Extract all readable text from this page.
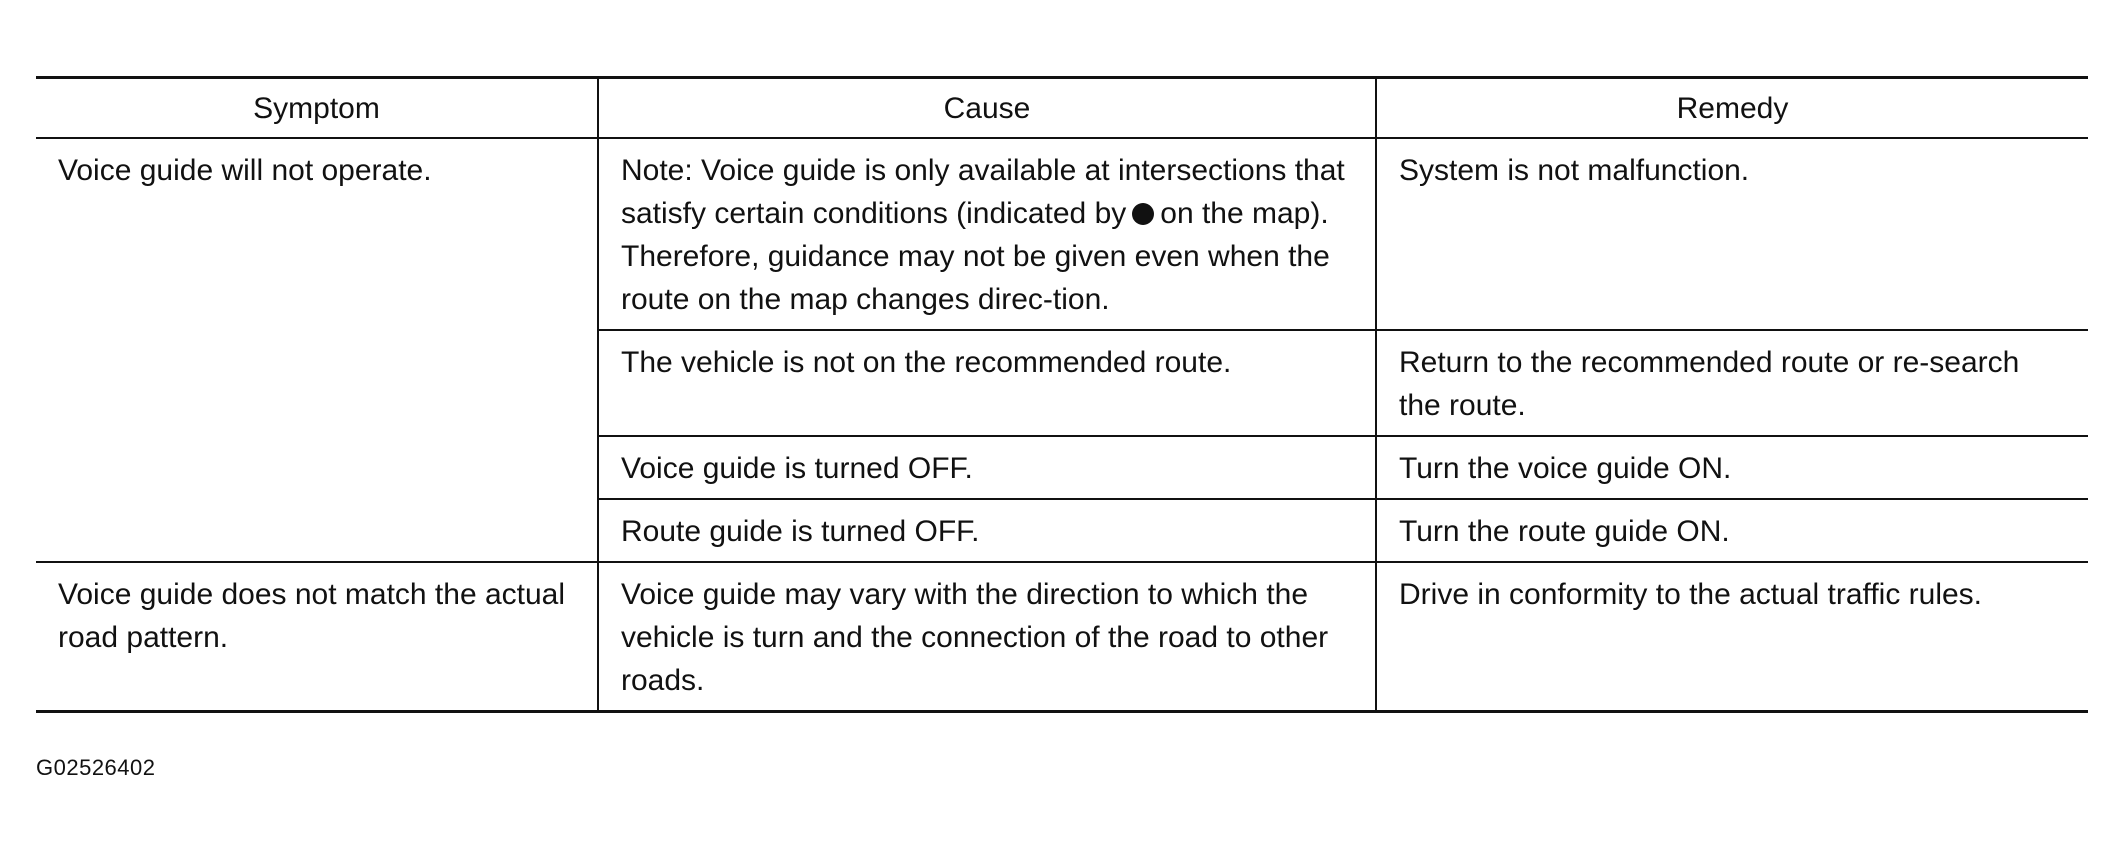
Symptom	Cause	Remedy
Voice guide will not operate.	Note: Voice guide is only available at intersections that satisfy certain conditions (indicated by on the map). Therefore, guidance may not be given even when the route on the map changes direc-tion.	System is not malfunction.
	The vehicle is not on the recommended route.	Return to the recommended route or re-search the route.
	Voice guide is turned OFF.	Turn the voice guide ON.
	Route guide is turned OFF.	Turn the route guide ON.
Voice guide does not match the actual road pattern.	Voice guide may vary with the direction to which the vehicle is turn and the connection of the road to other roads.	Drive in conformity to the actual traffic rules.
G02526402
